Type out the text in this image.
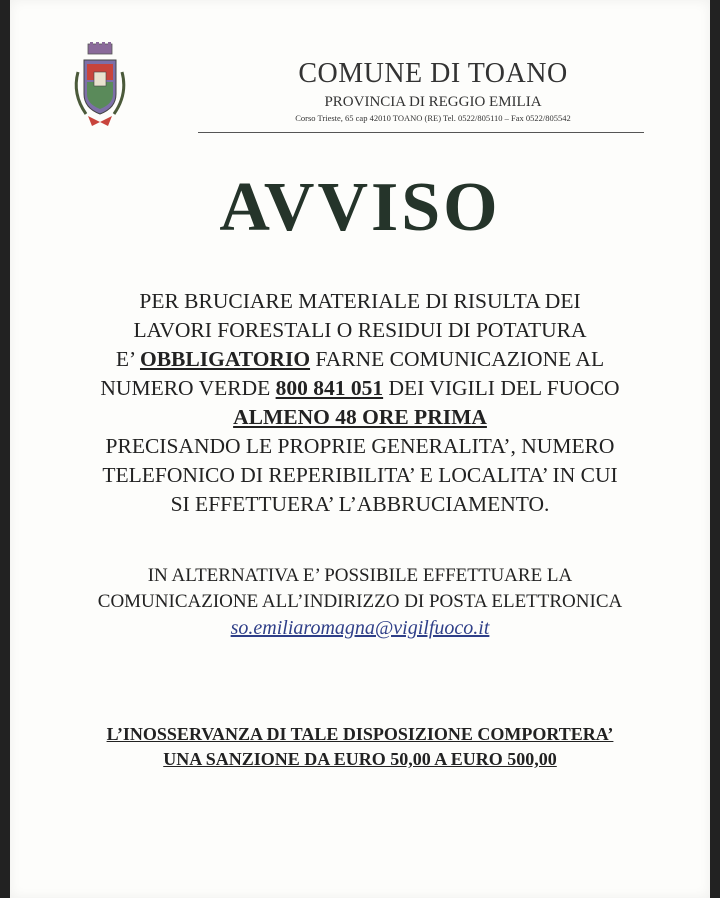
COMUNE DI TOANO
PROVINCIA DI REGGIO EMILIA
Corso Trieste, 65 cap 42010 TOANO (RE) Tel. 0522/805110 – Fax 0522/805542
AVVISO
PER BRUCIARE MATERIALE DI RISULTA DEI
LAVORI FORESTALI O RESIDUI DI POTATURA
E’ OBBLIGATORIO FARNE COMUNICAZIONE AL
NUMERO VERDE 800 841 051 DEI VIGILI DEL FUOCO
ALMENO 48 ORE PRIMA
PRECISANDO LE PROPRIE GENERALITA’, NUMERO
TELEFONICO DI REPERIBILITA’ E LOCALITA’ IN CUI
SI EFFETTUERA’ L’ABBRUCIAMENTO.
IN ALTERNATIVA E’ POSSIBILE EFFETTUARE LA
COMUNICAZIONE ALL’INDIRIZZO DI POSTA ELETTRONICA
so.emiliaromagna@vigilfuoco.it
L’INOSSERVANZA DI TALE DISPOSIZIONE COMPORTERA’
UNA SANZIONE DA EURO 50,00 A EURO 500,00
